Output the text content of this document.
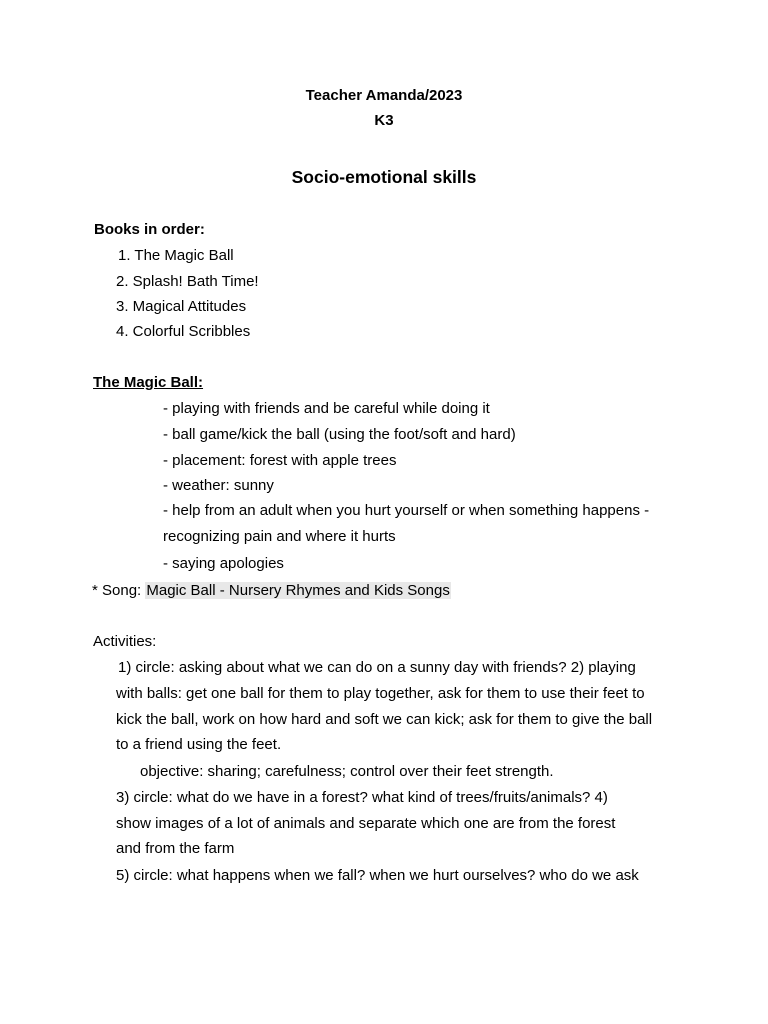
Teacher Amanda/2023
K3
Socio-emotional skills
Books in order:
1. The Magic Ball
2. Splash! Bath Time!
3. Magical Attitudes
4. Colorful Scribbles
The Magic Ball:
- playing with friends and be careful while doing it
- ball game/kick the ball (using the foot/soft and hard)
- placement: forest with apple trees
- weather: sunny
- help from an adult when you hurt yourself or when something happens -
recognizing pain and where it hurts
- saying apologies
* Song: Magic Ball - Nursery Rhymes and Kids Songs
Activities:
1) circle: asking about what we can do on a sunny day with friends? 2) playing
with balls: get one ball for them to play together, ask for them to use their feet to
kick the ball, work on how hard and soft we can kick; ask for them to give the ball
to a friend using the feet.
objective: sharing; carefulness; control over their feet strength.
3) circle: what do we have in a forest? what kind of trees/fruits/animals? 4)
show images of a lot of animals and separate which one are from the forest
and from the farm
5) circle: what happens when we fall? when we hurt ourselves? who do we ask
